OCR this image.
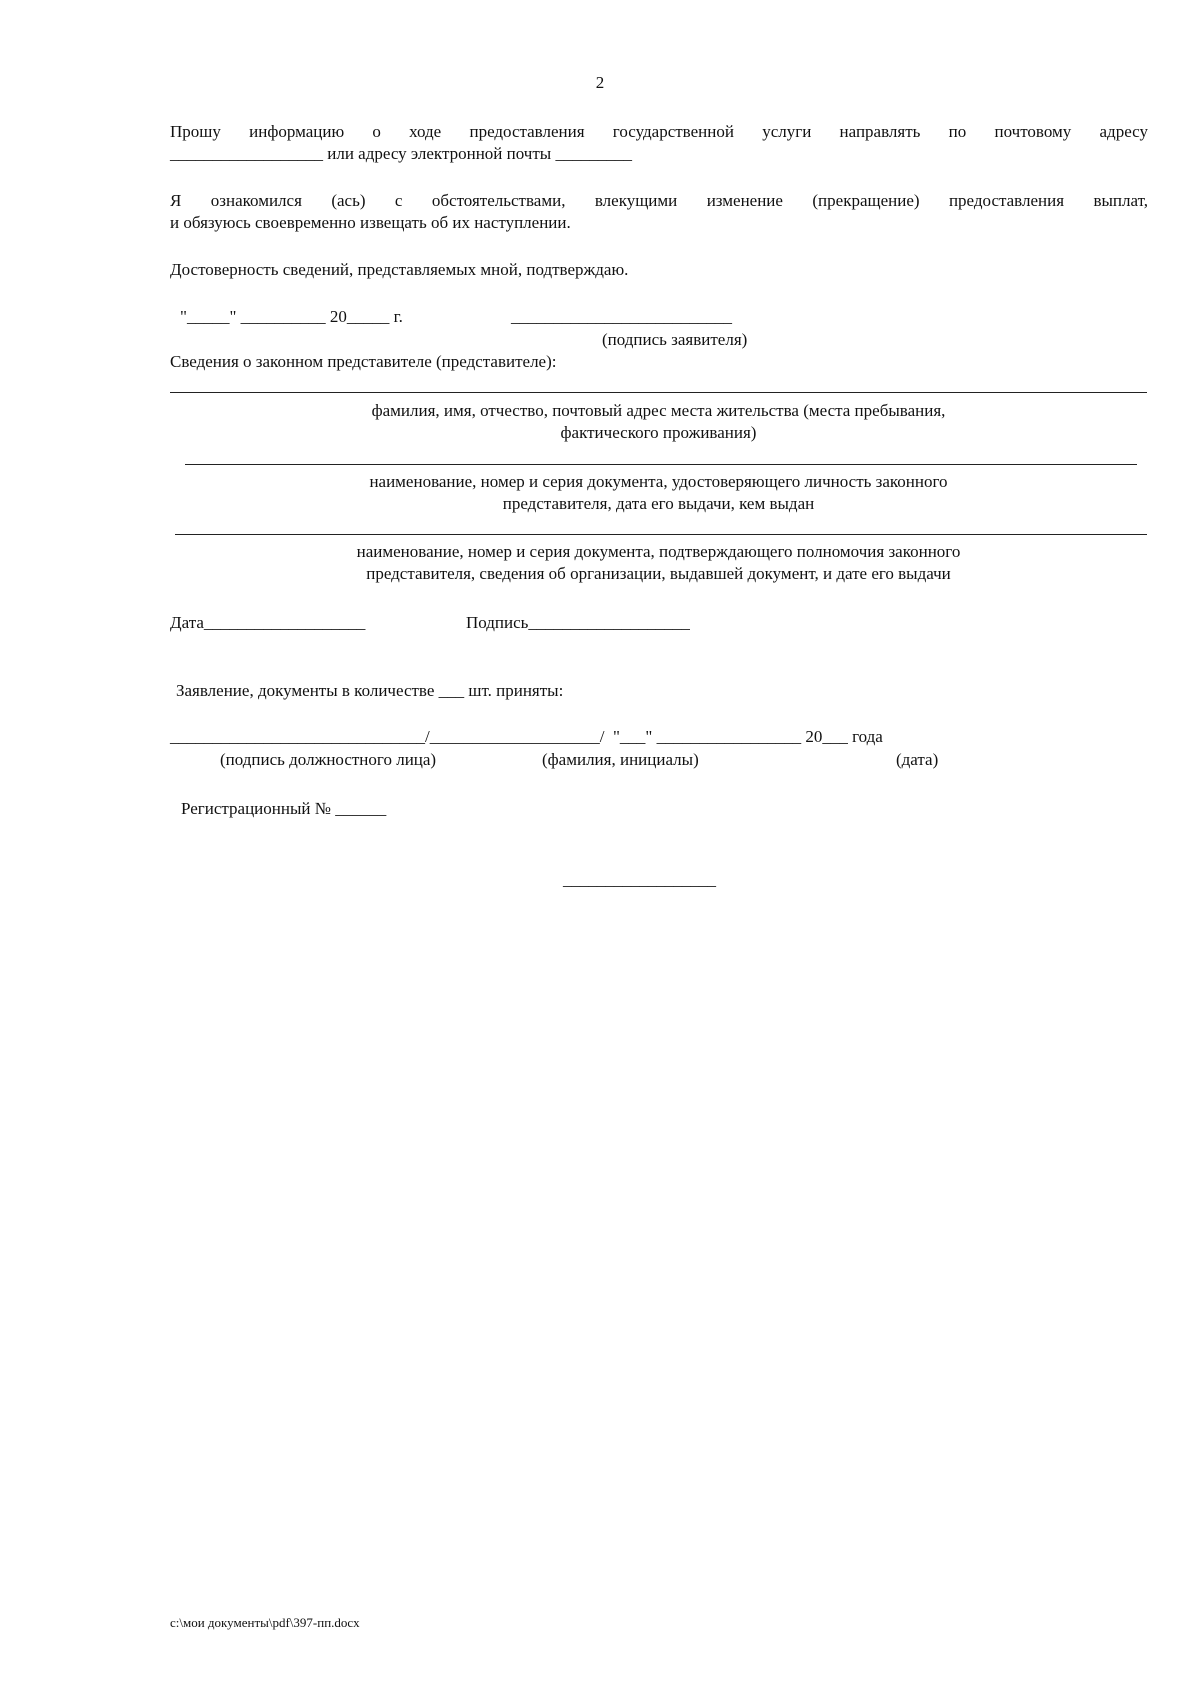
2
Прошу информацию о ходе предоставления государственной услуги направлять по почтовому адресу
__________________ или адресу электронной почты _________
Я ознакомился (ась) с обстоятельствами, влекущими изменение (прекращение) предоставления выплат,
и обязуюсь своевременно извещать об их наступлении.
Достоверность сведений, представляемых мной, подтверждаю.
"_____" __________ 20_____ г.	__________________________
(подпись заявителя)
Сведения о законном представителе (представителе):
фамилия, имя, отчество, почтовый адрес места жительства (места пребывания,
фактического проживания)
наименование, номер и серия документа, удостоверяющего личность законного
представителя, дата его выдачи, кем выдан
наименование, номер и серия документа, подтверждающего полномочия законного
представителя, сведения об организации, выдавшей документ, и дате его выдачи
Дата___________________	Подпись___________________
Заявление, документы в количестве ___ шт. приняты:
______________________________/____________________/  "___" _________________ 20___ года
(подпись должностного лица)	(фамилия, инициалы)	(дата)
Регистрационный № ______
__________________
c:\мои документы\pdf\397-пп.docx
